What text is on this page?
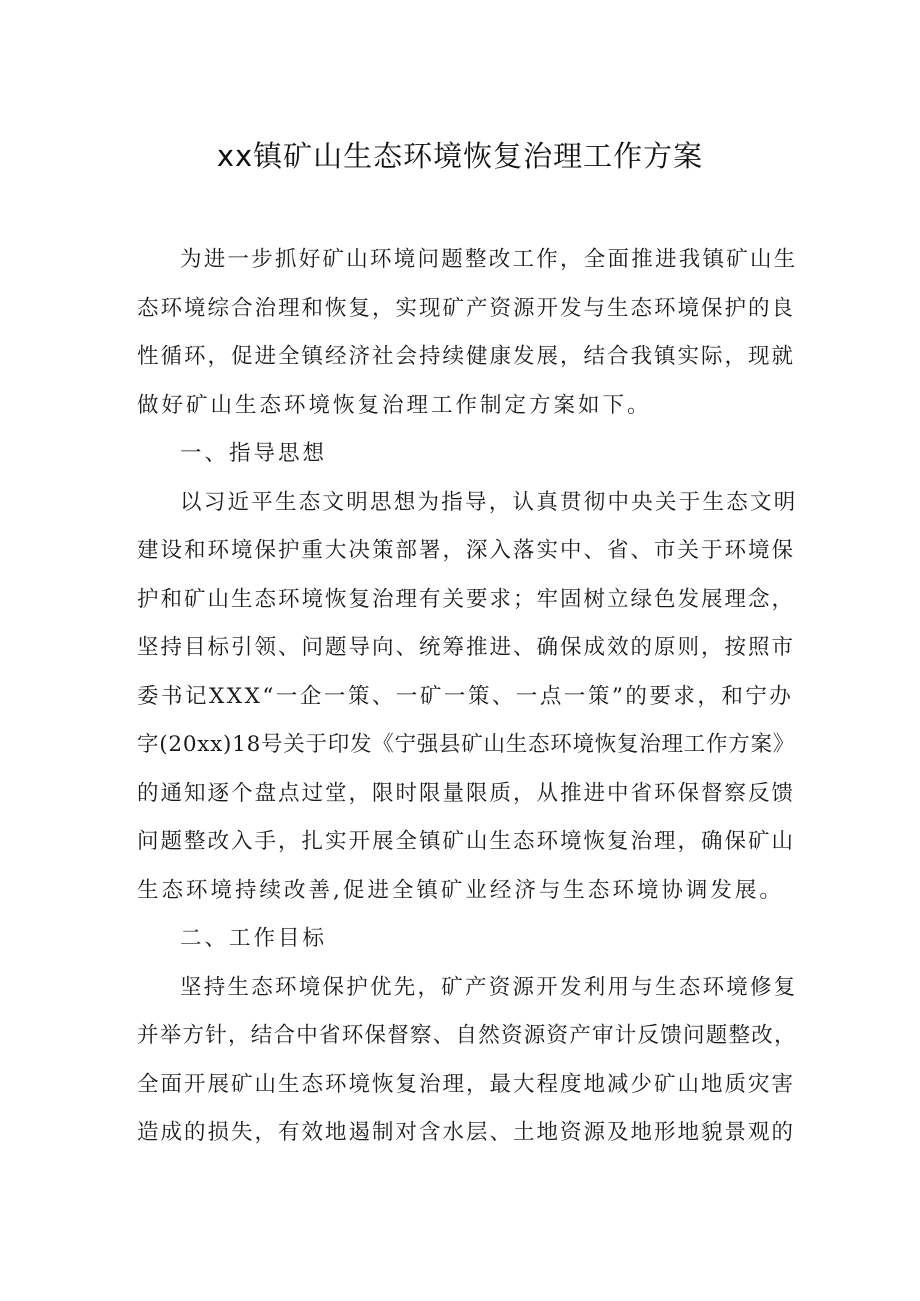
xx镇矿山生态环境恢复治理工作方案

为进一步抓好矿山环境问题整改工作，全面推进我镇矿山生
态环境综合治理和恢复，实现矿产资源开发与生态环境保护的良
性循环，促进全镇经济社会持续健康发展，结合我镇实际，现就
做好矿山生态环境恢复治理工作制定方案如下。

一、指导思想

以习近平生态文明思想为指导，认真贯彻中央关于生态文明
建设和环境保护重大决策部署，深入落实中、省、市关于环境保
护和矿山生态环境恢复治理有关要求；牢固树立绿色发展理念，
坚持目标引领、问题导向、统筹推进、确保成效的原则，按照市
委书记XXX“一企一策、一矿一策、一点一策”的要求，和宁办
字(20xx)18号关于印发《宁强县矿山生态环境恢复治理工作方案》
的通知逐个盘点过堂，限时限量限质，从推进中省环保督察反馈
问题整改入手，扎实开展全镇矿山生态环境恢复治理，确保矿山
生态环境持续改善,促进全镇矿业经济与生态环境协调发展。

二、工作目标

坚持生态环境保护优先，矿产资源开发利用与生态环境修复
并举方针，结合中省环保督察、自然资源资产审计反馈问题整改，
全面开展矿山生态环境恢复治理，最大程度地减少矿山地质灾害
造成的损失，有效地遏制对含水层、土地资源及地形地貌景观的
